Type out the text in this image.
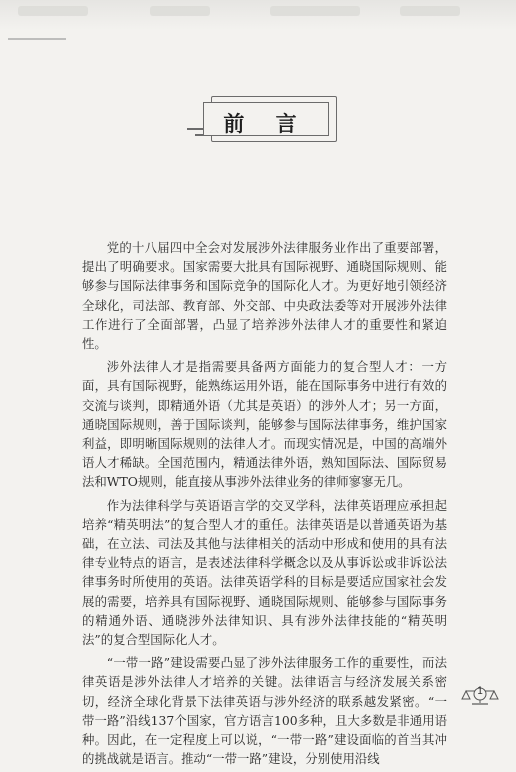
前 言

党的十八届四中全会对发展涉外法律服务业作出了重要部署，提出了明确要求。国家需要大批具有国际视野、通晓国际规则、能够参与国际法律事务和国际竞争的国际化人才。为更好地引领经济全球化，司法部、教育部、外交部、中央政法委等对开展涉外法律工作进行了全面部署，凸显了培养涉外法律人才的重要性和紧迫性。

涉外法律人才是指需要具备两方面能力的复合型人才：一方面，具有国际视野，能熟练运用外语，能在国际事务中进行有效的交流与谈判，即精通外语（尤其是英语）的涉外人才；另一方面，通晓国际规则，善于国际谈判，能够参与国际法律事务，维护国家利益，即明晰国际规则的法律人才。而现实情况是，中国的高端外语人才稀缺。全国范围内，精通法律外语，熟知国际法、国际贸易法和WTO规则，能直接从事涉外法律业务的律师寥寥无几。

作为法律科学与英语语言学的交叉学科，法律英语理应承担起培养“精英明法”的复合型人才的重任。法律英语是以普通英语为基础，在立法、司法及其他与法律相关的活动中形成和使用的具有法律专业特点的语言，是表述法律科学概念以及从事诉讼或非诉讼法律事务时所使用的英语。法律英语学科的目标是要适应国家社会发展的需要，培养具有国际视野、通晓国际规则、能够参与国际事务的精通外语、通晓涉外法律知识、具有涉外法律技能的“精英明法”的复合型国际化人才。

“一带一路”建设需要凸显了涉外法律服务工作的重要性，而法律英语是涉外法律人才培养的关键。法律语言与经济发展关系密切，经济全球化背景下法律英语与涉外经济的联系越发紧密。“一带一路”沿线137个国家，官方语言100多种，且大多数是非通用语种。因此，在一定程度上可以说，“一带一路”建设面临的首当其冲的挑战就是语言。推动“一带一路”建设，分别使用沿线

1
